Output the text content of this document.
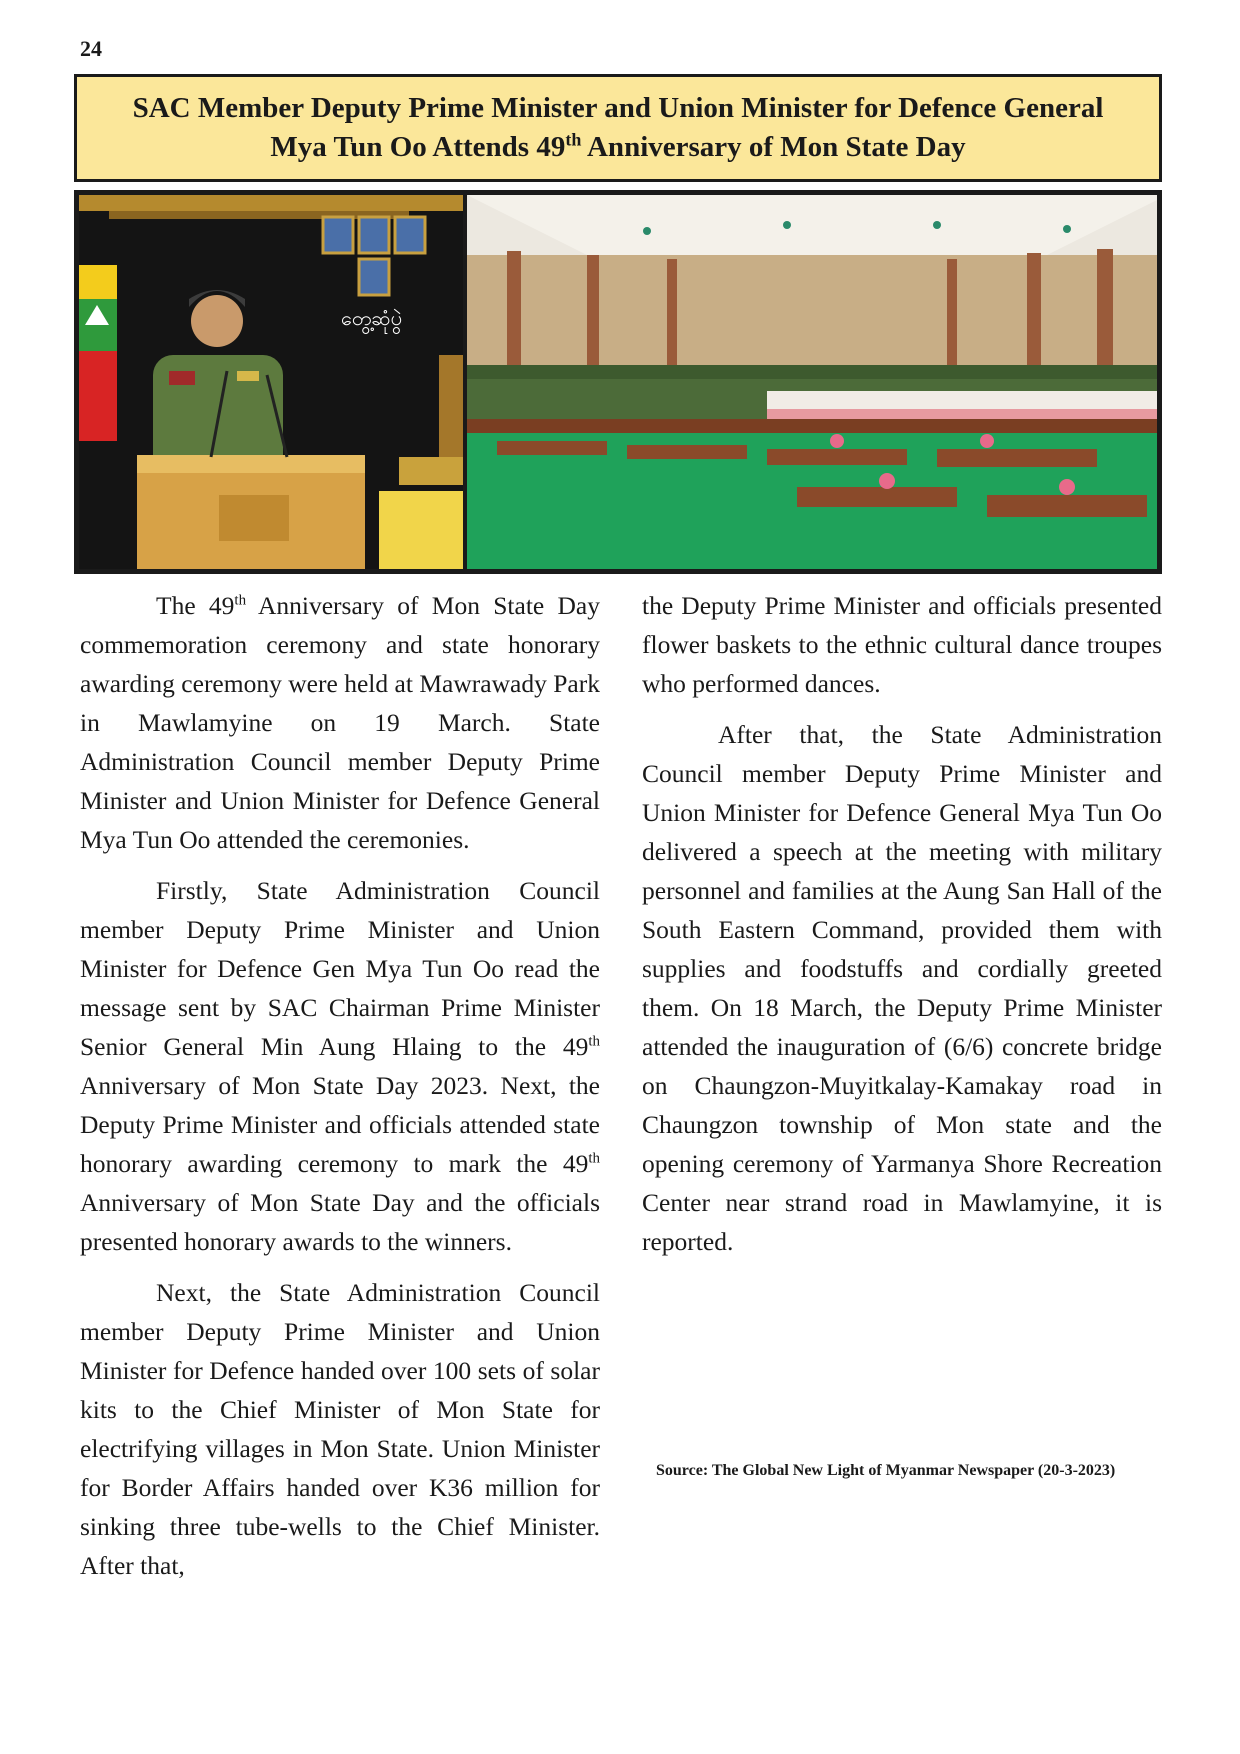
24
SAC Member Deputy Prime Minister and Union Minister for Defence General
Mya Tun Oo Attends 49th Anniversary of Mon State Day
တွေ့ဆုံပွဲ

The 49th Anniversary of Mon State Day commemoration ceremony and state honorary awarding ceremony were held at Mawrawady Park in Mawlamyine on 19 March. State Administration Council member Deputy Prime Minister and Union Minister for Defence General Mya Tun Oo attended the ceremonies.

Firstly, State Administration Council member Deputy Prime Minister and Union Minister for Defence Gen Mya Tun Oo read the message sent by SAC Chairman Prime Minister Senior General Min Aung Hlaing to the 49th Anniversary of Mon State Day 2023. Next, the Deputy Prime Minister and officials attended state honorary awarding ceremony to mark the 49th Anniversary of Mon State Day and the officials presented honorary awards to the winners.

Next, the State Administration Council member Deputy Prime Minister and Union Minister for Defence handed over 100 sets of solar kits to the Chief Minister of Mon State for electrifying villages in Mon State. Union Minister for Border Affairs handed over K36 million for sinking three tube-wells to the Chief Minister. After that,

the Deputy Prime Minister and officials presented flower baskets to the ethnic cultural dance troupes who performed dances.

After that, the State Administration Council member Deputy Prime Minister and Union Minister for Defence General Mya Tun Oo delivered a speech at the meeting with military personnel and families at the Aung San Hall of the South Eastern Command, provided them with supplies and foodstuffs and cordially greeted them. On 18 March, the Deputy Prime Minister attended the inauguration of (6/6) concrete bridge on Chaungzon-Muyitkalay-Kamakay road in Chaungzon township of Mon state and the opening ceremony of Yarmanya Shore Recreation Center near strand road in Mawlamyine, it is reported.

Source: The Global New Light of Myanmar Newspaper (20-3-2023)
